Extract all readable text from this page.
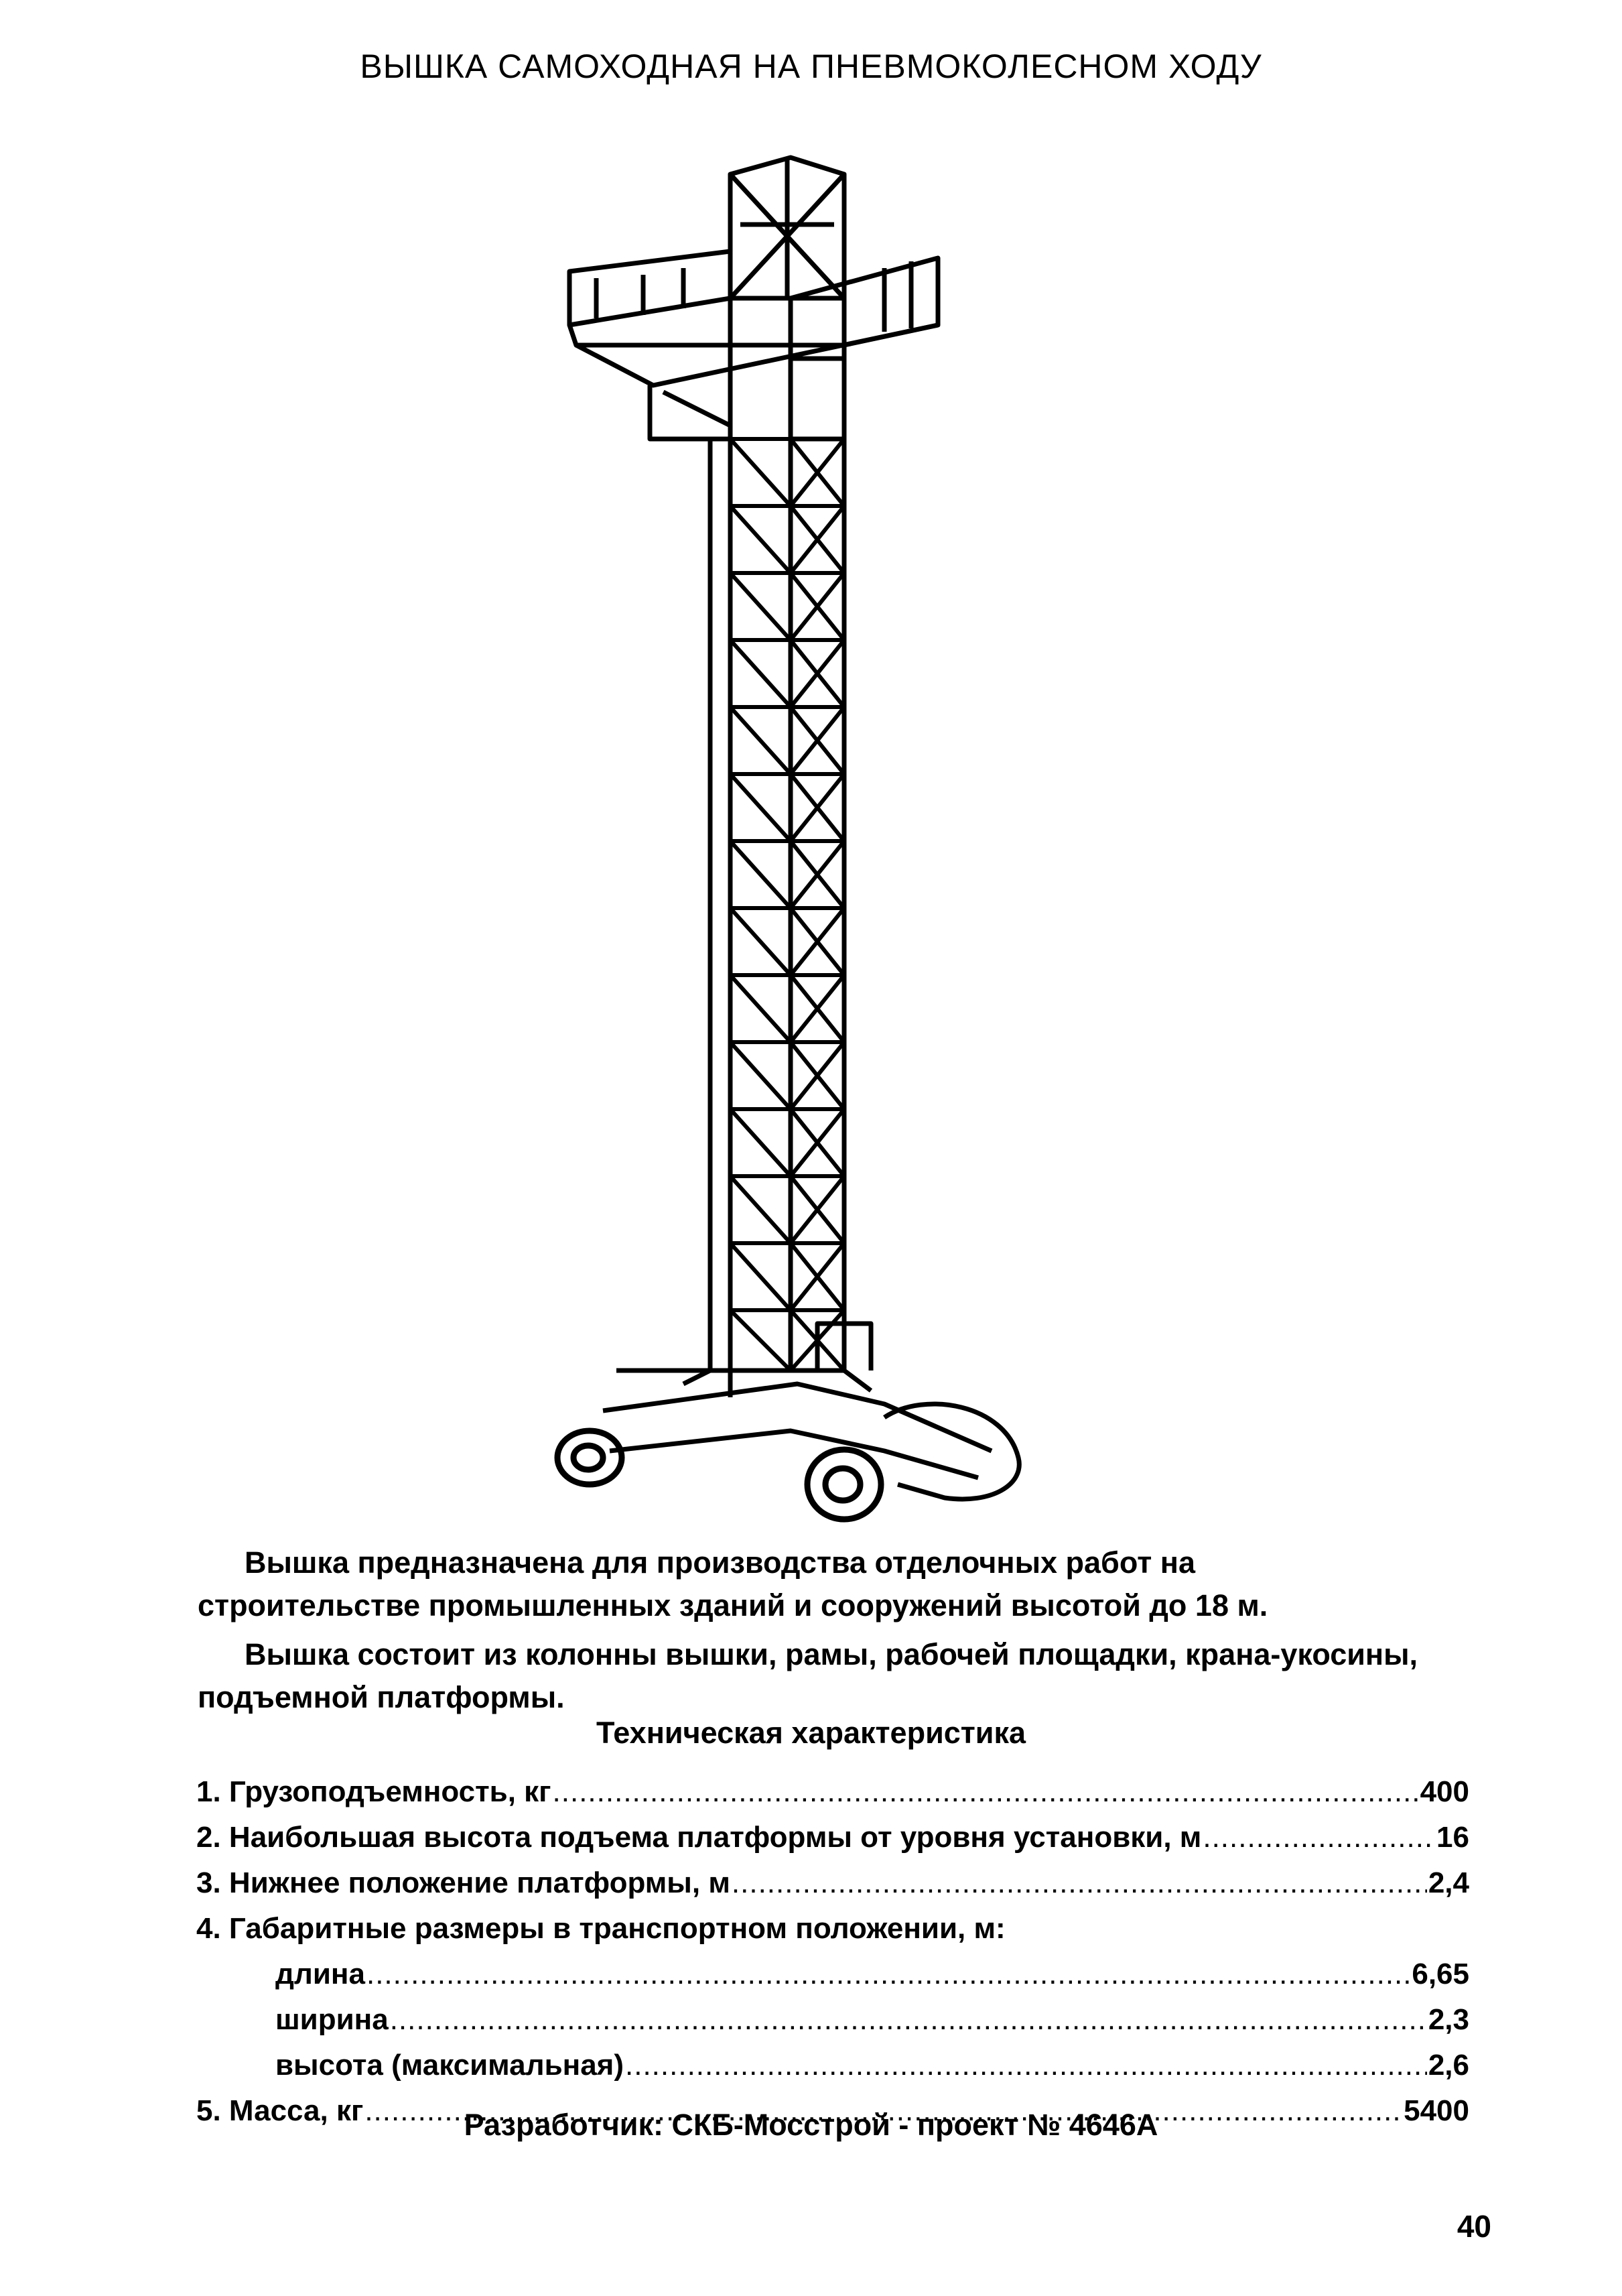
ВЫШКА САМОХОДНАЯ НА ПНЕВМОКОЛЕСНОМ ХОДУ
Вышка предназначена для производства отделочных работ на
строительстве промышленных зданий и сооружений высотой до 18 м.
Вышка состоит из колонны вышки, рамы, рабочей площадки, крана-укосины,
подъемной платформы.
Техническая характеристика
1. Грузоподъемность, кг .....	400
2. Наибольшая высота подъема платформы от уровня установки, м .....	16
3. Нижнее положение платформы, м .....	2,4
4. Габаритные размеры в транспортном положении, м:
длина .....	6,65
ширина .....	2,3
высота (максимальная) .....	2,6
5. Масса, кг .....	5400
Разработчик: СКБ-Мосстрой - проект № 4646А
40
